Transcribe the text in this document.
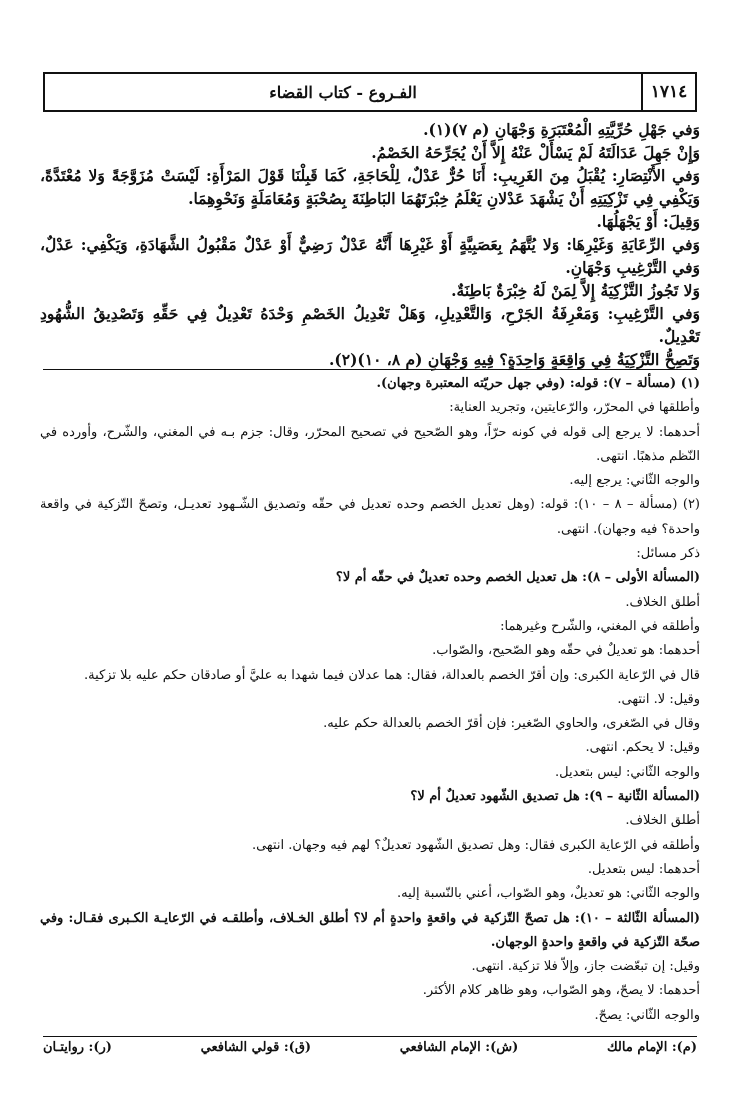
١٧١٤
الفـروع - كتاب القضاء

وَفي جَهْلِ حُرِّيَّتِهِ الْمُعْتَبَرَةِ وَجْهَانِ (م ٧)(١).

وَإِنْ جَهِلَ عَدَالَتَهُ لَمْ يَسْأَلْ عَنْهُ إِلاَّ أَنْ يُجَرِّحَهُ الخَصْمُ.

وَفي الأَنْتِصَارِ: يُقْبَلُ مِنَ الغَرِيبِ: أَنَا حُرٌّ عَدْلٌ، لِلْحَاجَةِ، كَمَا قَبِلْنَا قَوْلَ المَرْأَةِ: لَيْسَتْ مُزَوَّجَةً وَلا مُعْتَدَّةً، وَيَكْفِي فِي تَزْكِيَتِهِ أَنْ يَشْهَدَ عَدْلانِ يَعْلَمُ خِبْرَتَهُمَا البَاطِنَةَ بِصُحْبَةٍ وَمُعَامَلَةٍ وَنَحْوِهِمَا.

وَقِيلَ: أَوْ يَجْهَلُهَا.

وَفي الرِّعَايَةِ وَغَيْرِهَا: وَلا يُتَّهَمُ بِعَصَبِيَّةٍ أَوْ غَيْرِهَا أَنَّهُ عَدْلٌ رَضِيٌّ أَوْ عَدْلٌ مَقْبُولُ الشَّهَادَةِ، وَيَكْفِي: عَدْلٌ، وَفي التَّرْغِيبِ وَجْهَانِ.

وَلا تَجُوزُ التَّزْكِيَةُ إِلاَّ لِمَنْ لَهُ خِبْرَةٌ بَاطِنَةٌ.

وَفي التَّرْغِيبِ: وَمَعْرِفَةُ الجَرْحِ، وَالتَّعْدِيلِ، وَهَلْ تَعْدِيلُ الخَصْمِ وَحْدَهُ تَعْدِيلٌ فِي حَقِّهِ وَتَصْدِيقُ الشُّهُودِ تَعْدِيلٌ.

وَتَصِحُّ التَّزْكِيَةُ فِي وَاقِعَةٍ وَاحِدَةٍ؟ فِيهِ وَجْهَانِ (م ٨، ١٠)(٢).

(١) (مسألة – ٧): قوله: (وفي جهل حريّته المعتبرة وجهان).

وأطلقها في المحرّر، والرّعايتين، وتجريد العناية:

أحدهما: لا يرجع إلى قوله في كونه حرّاً، وهو الصّحيح في تصحيح المحرّر، وقال: جزم بـه في المغني، والشّرح، وأورده في النّظم مذهبًا. انتهى.

والوجه الثّاني: يرجع إليه.

(٢) (مسألة – ٨ – ١٠): قوله: (وهل تعديل الخصم وحده تعديل في حقّه وتصديق الشّـهود تعديـل، وتصحّ التّزكية في واقعة واحدة؟ فيه وجهان). انتهى.

ذكر مسائل:

(المسألة الأولى – ٨): هل تعديل الخصم وحده تعديلٌ في حقّه أم لا؟

أطلق الخلاف.

وأطلقه في المغني، والشّرح وغيرهما:

أحدهما: هو تعديلٌ في حقّه وهو الصّحيح، والصّواب.

قال في الرّعاية الكبرى: وإن أقرّ الخصم بالعدالة، فقال: هما عدلان فيما شهدا به عليَّ أو صادقان حكم عليه بلا تزكية.

وقيل: لا. انتهى.

وقال في الصّغرى، والحاوي الصّغير: فإن أقرّ الخصم بالعدالة حكم عليه.

وقيل: لا يحكم. انتهى.

والوجه الثّاني: ليس بتعديل.

(المسألة الثّانية – ٩): هل تصديق الشّهود تعديلٌ أم لا؟

أطلق الخلاف.

وأطلقه في الرّعاية الكبرى فقال: وهل تصديق الشّهود تعديلٌ؟ لهم فيه وجهان. انتهى.

أحدهما: ليس بتعديل.

والوجه الثّاني: هو تعديلٌ، وهو الصّواب، أعني بالنّسبة إليه.

(المسألة الثّالثة – ١٠): هل تصحّ التّزكية في واقعةٍ واحدةٍ أم لا؟ أطلق الخـلاف، وأطلقـه في الرّعايـة الكـبرى فقـال: وفي صحّة التّزكية في واقعةٍ واحدةٍ الوجهان.

وقيل: إن تبعّضت جاز، وإلاّ فلا تزكية. انتهى.

أحدهما: لا يصحّ، وهو الصّواب، وهو ظاهر كلام الأكثر.

والوجه الثّاني: يصحّ.

(م): الإمام مالك
(ش): الإمام الشافعي
(ق): قولي الشافعي
(ر): روايتـان
